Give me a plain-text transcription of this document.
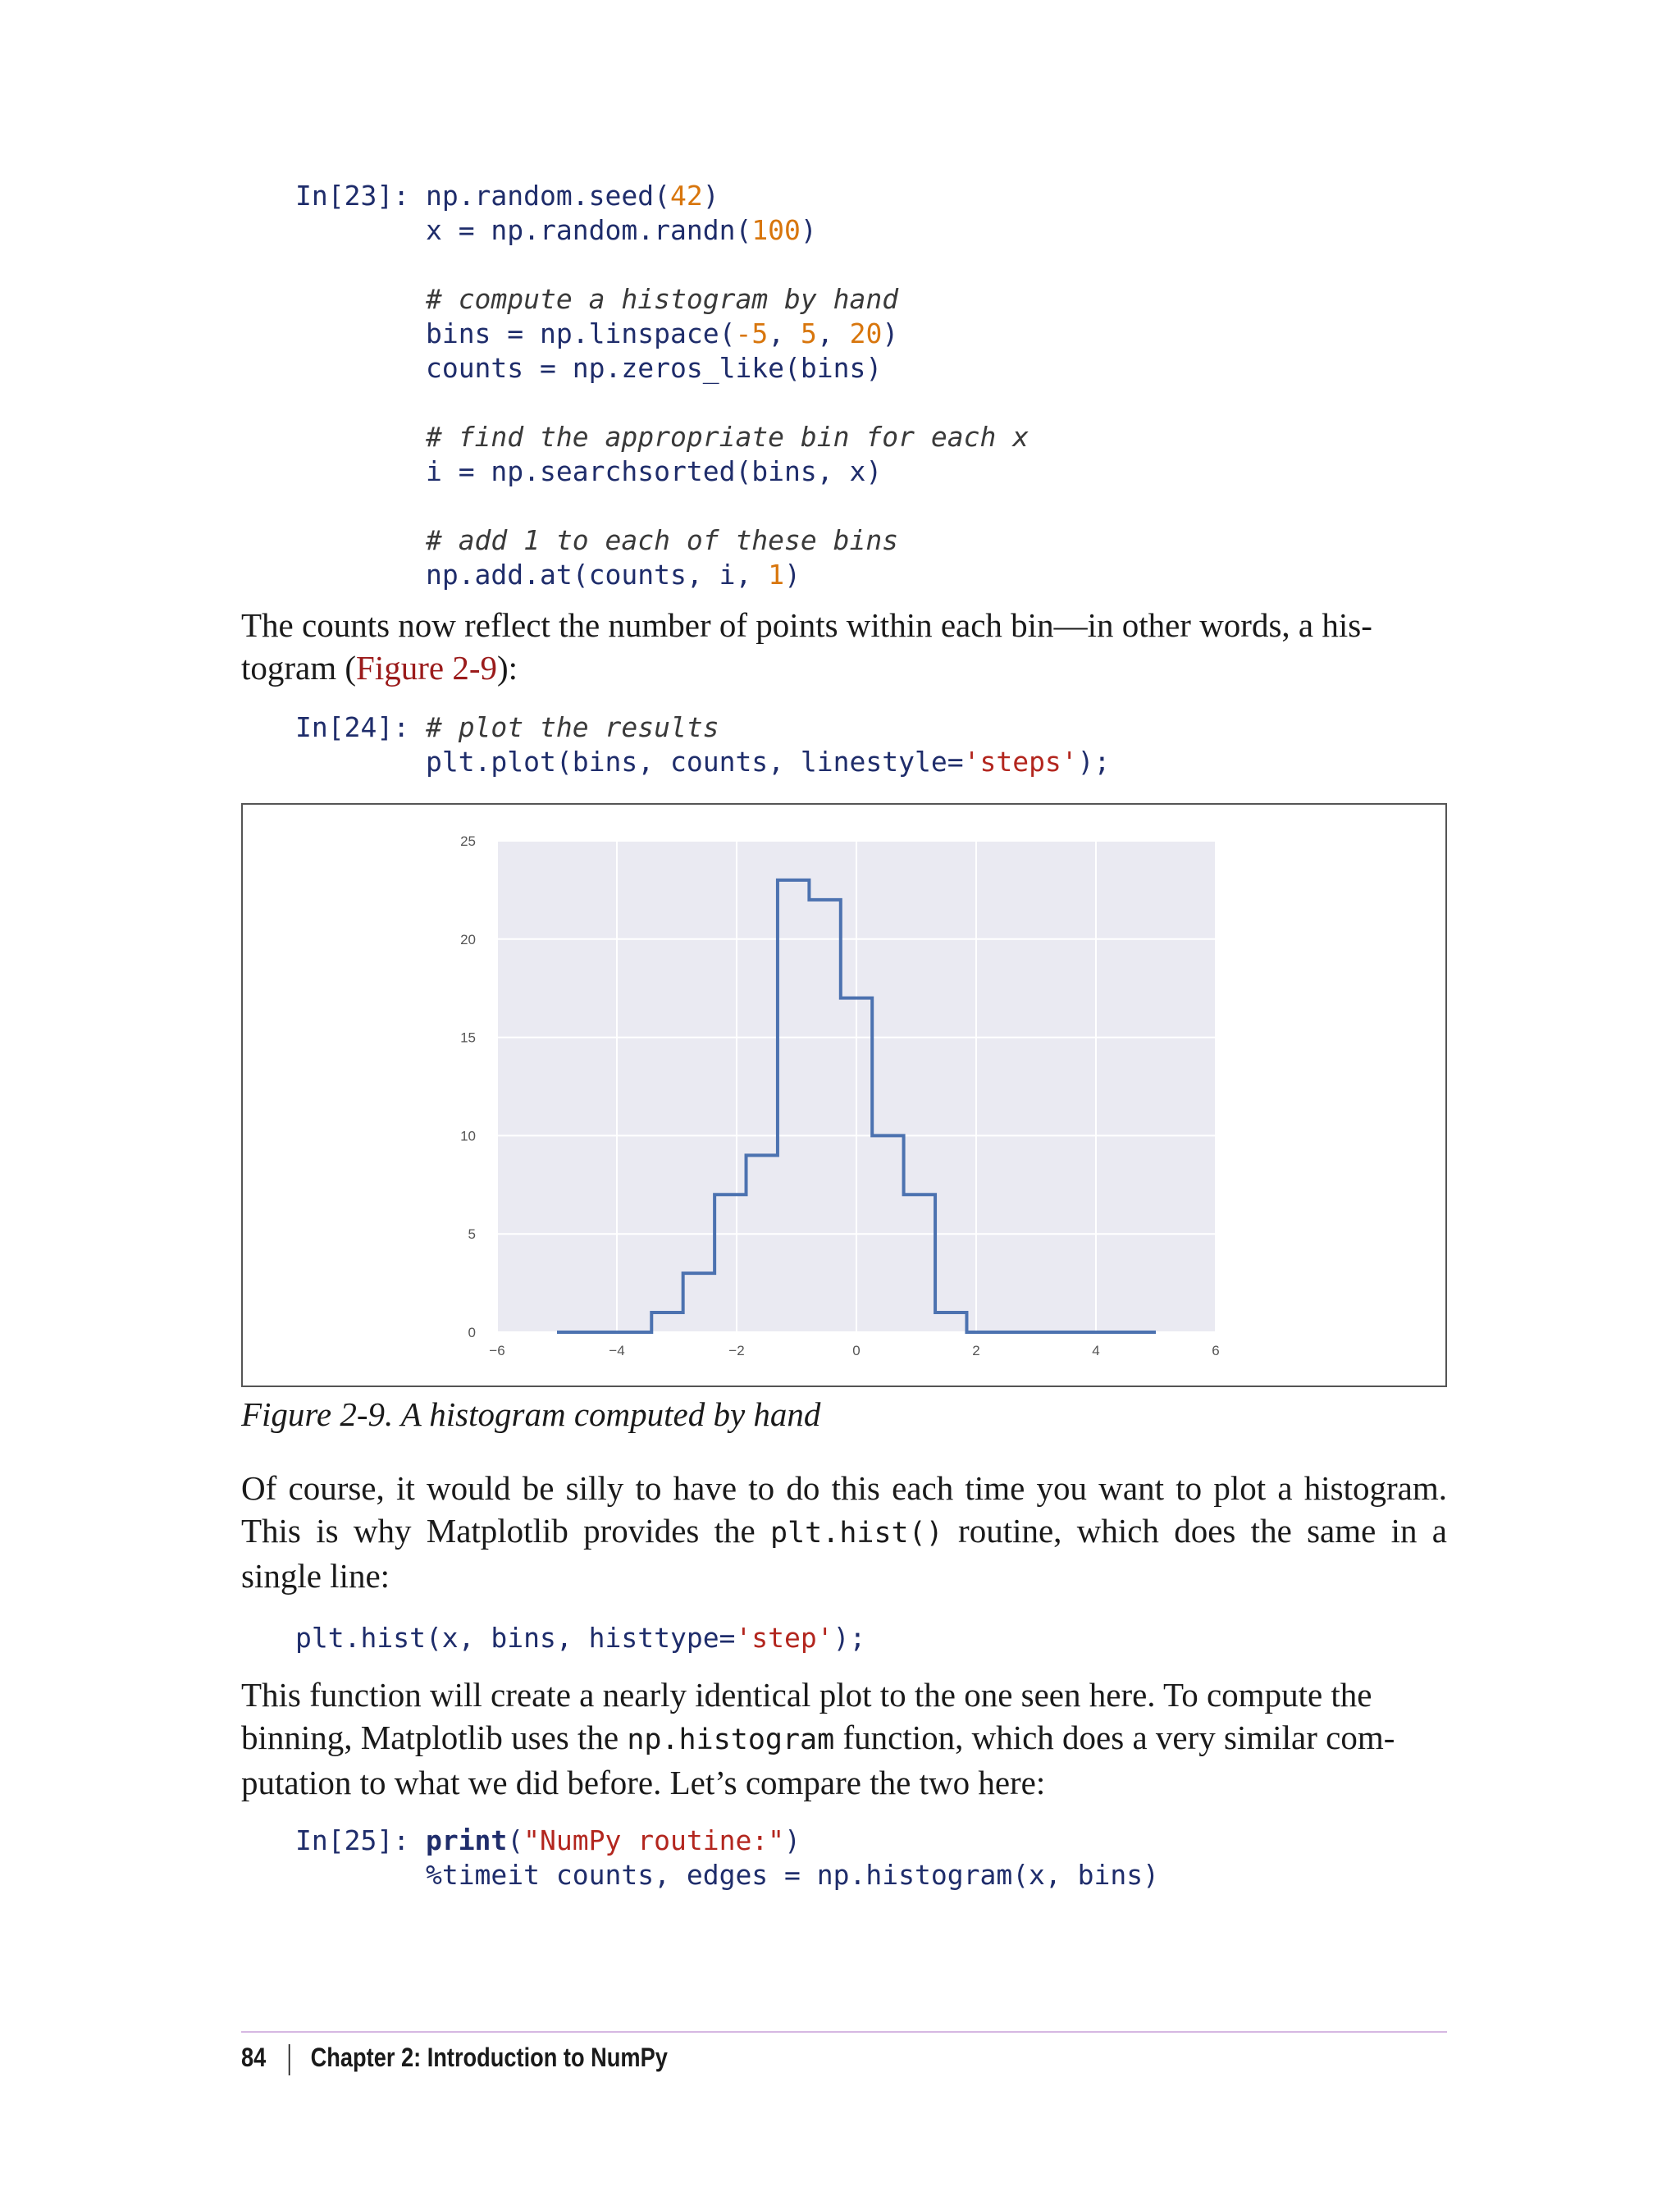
In[23]: np.random.seed(42)
x = np.random.randn(100)

# compute a histogram by hand
bins = np.linspace(-5, 5, 20)
counts = np.zeros_like(bins)

# find the appropriate bin for each x
i = np.searchsorted(bins, x)

# add 1 to each of these bins
np.add.at(counts, i, 1)

The counts now reflect the number of points within each bin—in other words, a his-
togram (Figure 2-9):

In[24]: # plot the results
plt.plot(bins, counts, linestyle='steps');
−6	−4	−2	0	2	4	6
0
5
10
15
20
25

Figure 2-9. A histogram computed by hand

Of course, it would be silly to have to do this each time you want to plot a histogram. This is why Matplotlib provides the plt.hist() routine, which does the same in a single line:

plt.hist(x, bins, histtype='step');

This function will create a nearly identical plot to the one seen here. To compute the binning, Matplotlib uses the np.histogram function, which does a very similar com-
putation to what we did before. Let’s compare the two here:

In[25]: print("NumPy routine:")
%timeit counts, edges = np.histogram(x, bins)
84 Chapter 2: Introduction to NumPy
